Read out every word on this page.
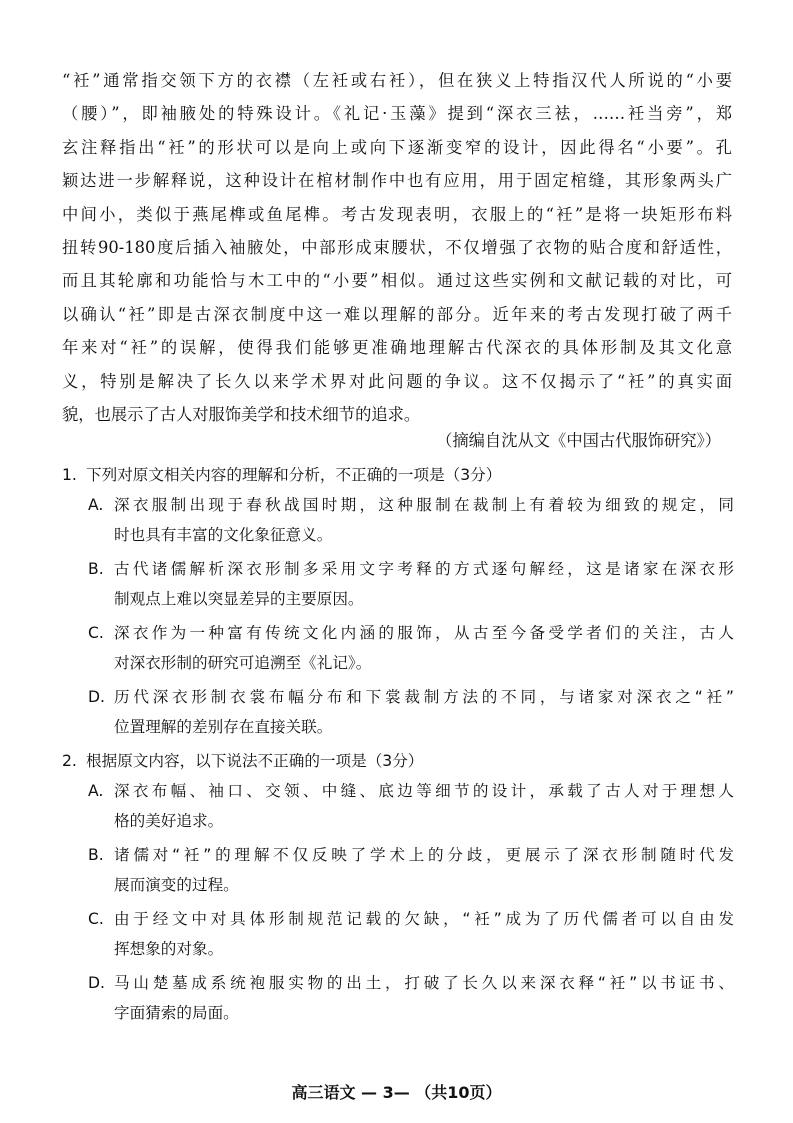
“衽”通常指交领下方的衣襟（左衽或右衽），但在狭义上特指汉代人所说的“小要
（腰）”，即袖腋处的特殊设计。《礼记·玉藻》提到“深衣三袪，……衽当旁”，郑
玄注释指出“衽”的形状可以是向上或向下逐渐变窄的设计，因此得名“小要”。孔
颖达进一步解释说，这种设计在棺材制作中也有应用，用于固定棺缝，其形象两头广
中间小，类似于燕尾榫或鱼尾榫。考古发现表明，衣服上的“衽”是将一块矩形布料
扭转90-180度后插入袖腋处，中部形成束腰状，不仅增强了衣物的贴合度和舒适性，
而且其轮廓和功能恰与木工中的“小要”相似。通过这些实例和文献记载的对比，可
以确认“衽”即是古深衣制度中这一难以理解的部分。近年来的考古发现打破了两千
年来对“衽”的误解，使得我们能够更准确地理解古代深衣的具体形制及其文化意
义，特别是解决了长久以来学术界对此问题的争议。这不仅揭示了“衽”的真实面
貌，也展示了古人对服饰美学和技术细节的追求。
（摘编自沈从文《中国古代服饰研究》）
1. 下列对原文相关内容的理解和分析，不正确的一项是（3分）
A. 深衣服制出现于春秋战国时期，这种服制在裁制上有着较为细致的规定，同
时也具有丰富的文化象征意义。
B. 古代诸儒解析深衣形制多采用文字考释的方式逐句解经，这是诸家在深衣形
制观点上难以突显差异的主要原因。
C. 深衣作为一种富有传统文化内涵的服饰，从古至今备受学者们的关注，古人
对深衣形制的研究可追溯至《礼记》。
D. 历代深衣形制衣裳布幅分布和下裳裁制方法的不同，与诸家对深衣之“衽”
位置理解的差别存在直接关联。
2. 根据原文内容，以下说法不正确的一项是（3分）
A. 深衣布幅、袖口、交领、中缝、底边等细节的设计，承载了古人对于理想人
格的美好追求。
B. 诸儒对“衽”的理解不仅反映了学术上的分歧，更展示了深衣形制随时代发
展而演变的过程。
C. 由于经文中对具体形制规范记载的欠缺，“衽”成为了历代儒者可以自由发
挥想象的对象。
D. 马山楚墓成系统袍服实物的出土，打破了长久以来深衣释“衽”以书证书、
字面猜索的局面。
高三语文 — 3— （共10页）
